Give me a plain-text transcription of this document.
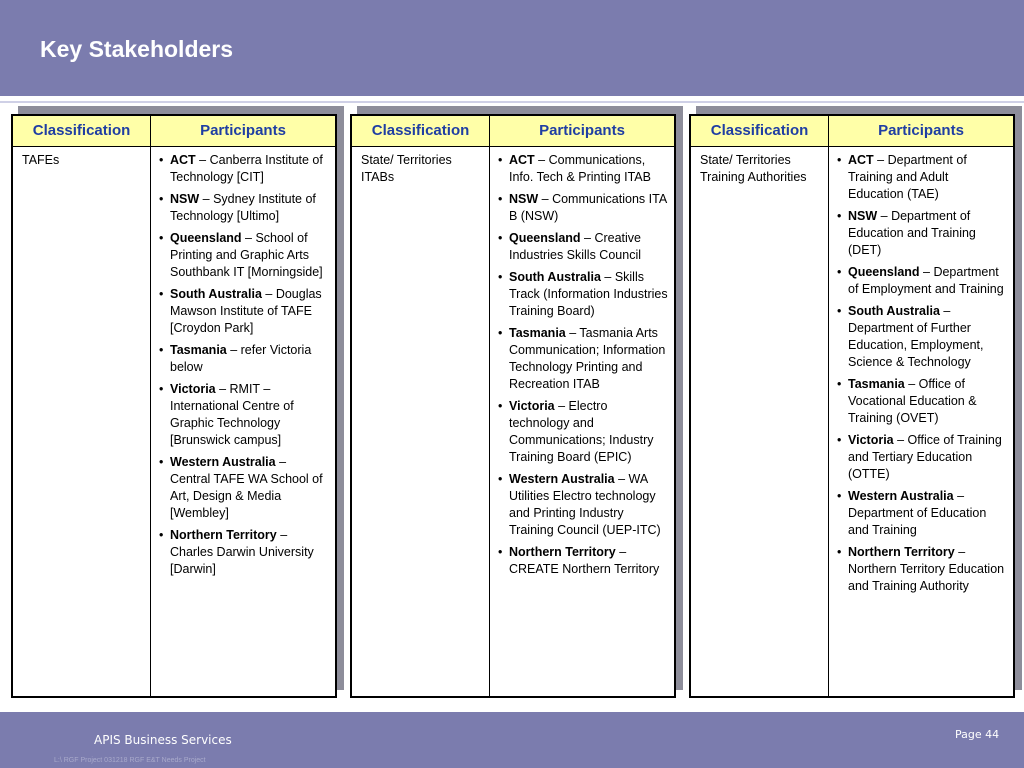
Key Stakeholders
Classification	Participants
TAFEs	• ACT – Canberra Institute of Technology [CIT]
• NSW – Sydney Institute of Technology [Ultimo]
• Queensland – School of Printing and Graphic Arts Southbank IT [Morningside]
• South Australia – Douglas Mawson Institute of TAFE [Croydon Park]
• Tasmania – refer Victoria below
• Victoria – RMIT – International Centre of Graphic Technology [Brunswick campus]
• Western Australia – Central TAFE WA School of Art, Design & Media [Wembley]
• Northern Territory – Charles Darwin University [Darwin]
Classification	Participants
State/ Territories ITABs
• ACT – Communications, Info. Tech & Printing ITAB
• NSW – Communications ITA B (NSW)
• Queensland – Creative Industries Skills Council
• South Australia – Skills Track (Information Industries Training Board)
• Tasmania – Tasmania Arts Communication; Information Technology Printing and Recreation ITAB
• Victoria – Electro technology and Communications; Industry Training Board (EPIC)
• Western Australia – WA Utilities Electro technology and Printing Industry Training Council (UEP-ITC)
• Northern Territory – CREATE Northern Territory
Classification	Participants
State/ Territories Training Authorities
• ACT – Department of Training and Adult Education (TAE)
• NSW – Department of Education and Training (DET)
• Queensland – Department of Employment and Training
• South Australia – Department of Further Education, Employment, Science & Technology
• Tasmania – Office of Vocational Education & Training (OVET)
• Victoria – Office of Training and Tertiary Education (OTTE)
• Western Australia – Department of Education and Training
• Northern Territory – Northern Territory Education and Training Authority
APIS Business Services	Page 44
L:\ RGF Project 031218 RGF E&T Needs Project
